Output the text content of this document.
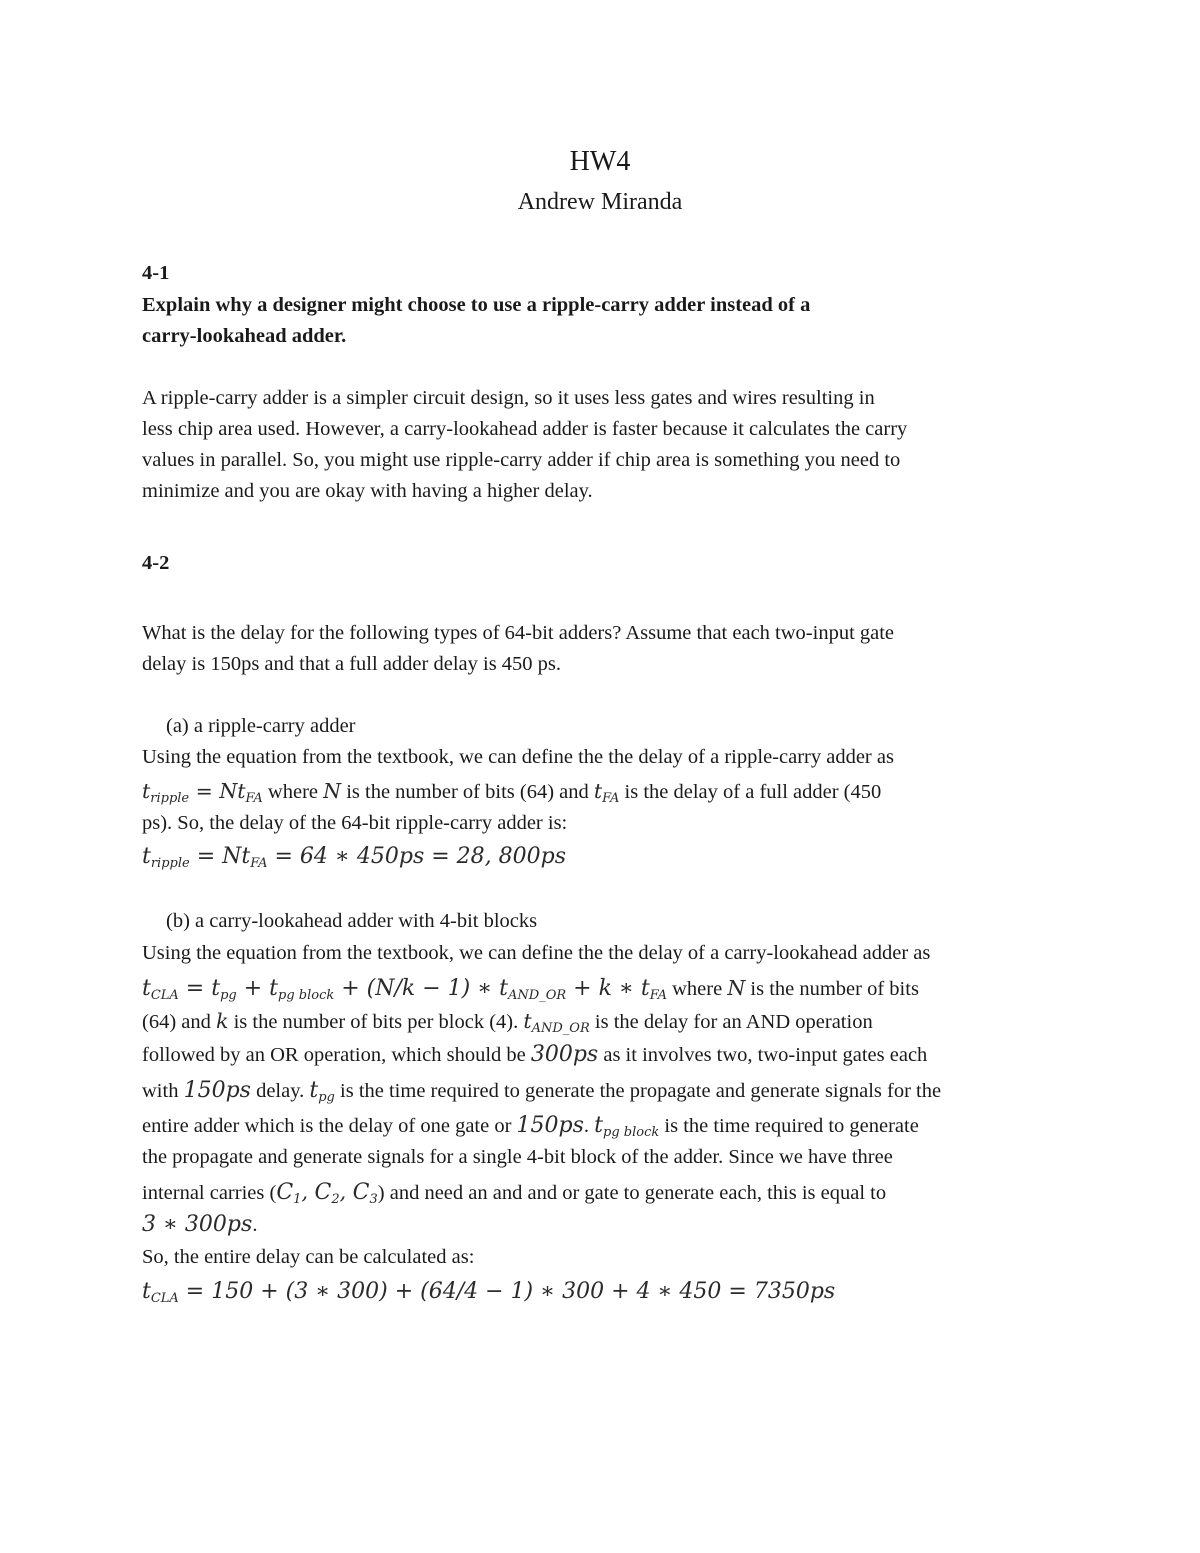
HW4
Andrew Miranda
4-1
Explain why a designer might choose to use a ripple-carry adder instead of a
carry-lookahead adder.
A ripple-carry adder is a simpler circuit design, so it uses less gates and wires resulting in
less chip area used. However, a carry-lookahead adder is faster because it calculates the carry
values in parallel. So, you might use ripple-carry adder if chip area is something you need to
minimize and you are okay with having a higher delay.
4-2
What is the delay for the following types of 64-bit adders? Assume that each two-input gate
delay is 150ps and that a full adder delay is 450 ps.
(a) a ripple-carry adder
Using the equation from the textbook, we can define the the delay of a ripple-carry adder as
$t_{ripple} = Nt_{FA}$ where N is the number of bits (64) and $t_{FA}$ is the delay of a full adder (450
ps). So, the delay of the 64-bit ripple-carry adder is:
$t_{ripple} = Nt_{FA} = 64$ ∗ 450ps = 28, 800ps
(b) a carry-lookahead adder with 4-bit blocks
Using the equation from the textbook, we can define the the delay of a carry-lookahead adder as
$t_{CLA} = t_{pg} + t_{pg block} + (N/k - 1)$ ∗ $t_{AND\_OR} + k$ ∗ $t_{FA}$ where N is the number of bits
(64) and k is the number of bits per block (4). $t_{AND\_OR}$ is the delay for an AND operation
followed by an OR operation, which should be 300ps as it involves two, two-input gates each
with 150ps delay. $t_{pg}$ is the time required to generate the propagate and generate signals for the
entire adder which is the delay of one gate or 150ps. $t_{pg block}$ is the time required to generate
the propagate and generate signals for a single 4-bit block of the adder. Since we have three
internal carries ($C_1$, $C_2$, $C_3$) and need an and and or gate to generate each, this is equal to
3 ∗ 300ps.
So, the entire delay can be calculated as:
$t_{CLA} = 150 + (3$ ∗ 300) + (64/4 − 1) ∗ 300 + 4 ∗ 450 = 7350ps
